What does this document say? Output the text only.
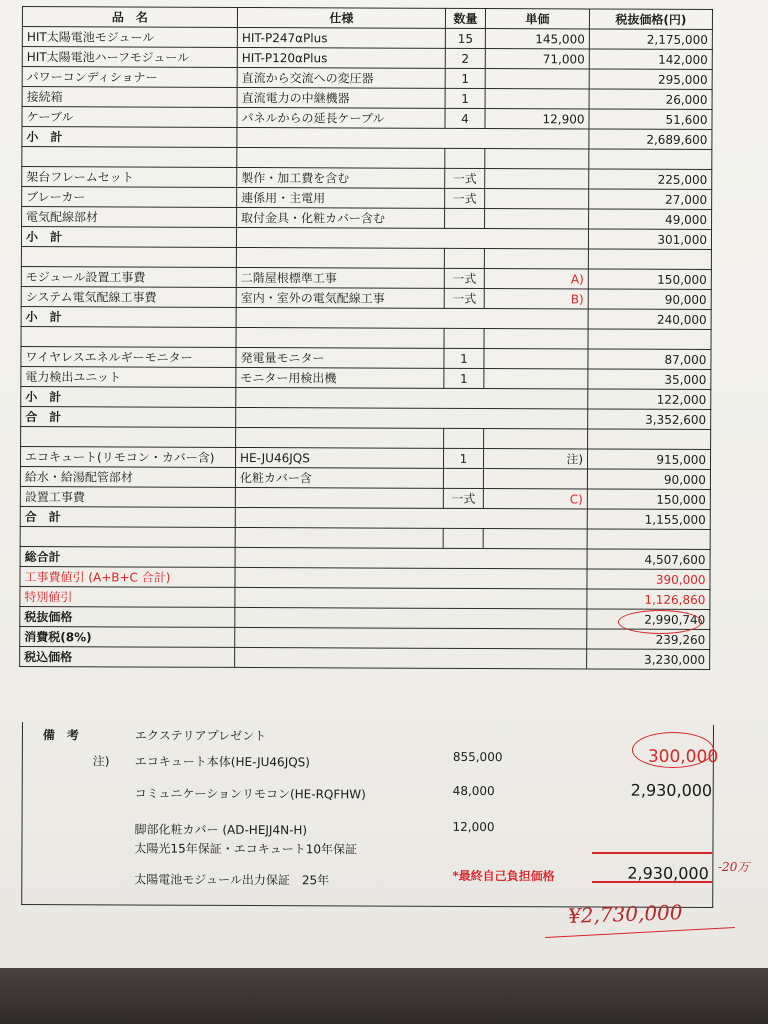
品　名	仕様	数量	単価	税抜価格(円)
HIT太陽電池モジュール	HIT-P247αPlus	15	145,000	2,175,000
HIT太陽電池ハーフモジュール	HIT-P120αPlus	2	71,000	142,000
パワーコンディショナー	直流から交流への変圧器	1		295,000
接続箱	直流電力の中継機器	1		26,000
ケーブル	パネルからの延長ケーブル	4	12,900	51,600
小　計				2,689,600

架台フレームセット	製作・加工費を含む	一式		225,000
ブレーカー	連係用・主電用	一式		27,000
電気配線部材	取付金具・化粧カバー含む			49,000
小　計				301,000

モジュール設置工事費	二階屋根標準工事	一式	A)	150,000
システム電気配線工事費	室内・室外の電気配線工事	一式	B)	90,000
小　計				240,000

ワイヤレスエネルギーモニター	発電量モニター	1		87,000
電力検出ユニット	モニター用検出機	1		35,000
小　計				122,000
合　計				3,352,600

エコキュート(リモコン・カバー含)	HE-JU46JQS	1	注)	915,000
給水・給湯配管部材	化粧カバー含			90,000
設置工事費		一式	C)	150,000
合　計				1,155,000

総合計				4,507,600
工事費値引 (A+B+C 合計)				390,000
特別値引				1,126,860
税抜価格				2,990,740
消費税(8%)				239,260
税込価格				3,230,000
備　考	エクステリアプレゼント
注) エコキュート本体(HE-JU46JQS)	855,000	300,000
コミュニケーションリモコン(HE-RQFHW)	48,000	2,930,000
脚部化粧カバー (AD-HEJJ4N-H)	12,000
太陽光15年保証・エコキュート10年保証
太陽電池モジュール出力保証　25年	*最終自己負担価格	2,930,000 -20万
¥2,730,000
